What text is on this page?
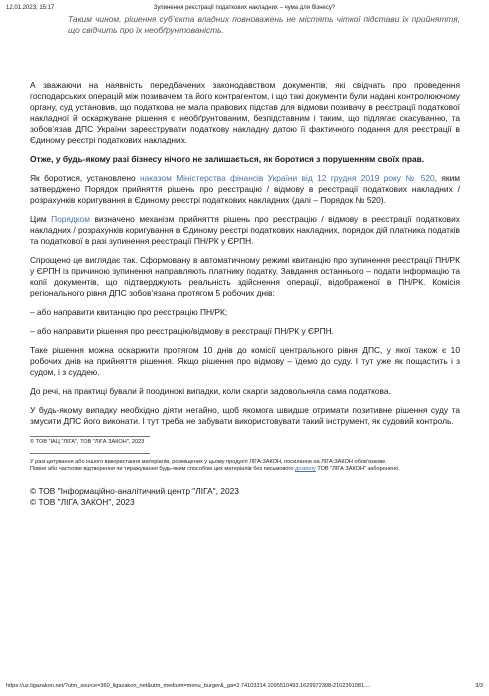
12.01.2023, 15:17	Зупинення реєстрації податкових накладних – чума для бізнесу?
Таким чином, рішення суб’єкта владних повноважень не містять чіткої підстави їх прийняття, що свідчить про їх необґрунтованість.

А зважаючи на наявність передбачених законодавством документів, які свідчать про проведення господарських операцій між позивачем та його контрагентом, і що такі документи були надані контролюючому органу, суд установив, що податкова не мала правових підстав для відмови позивачу в реєстрації податкової накладної й оскаржуване рішення є необґрунтованим, безпідставним і таким, що підлягає скасуванню, та зобов’язав ДПС України зареєструвати податкову накладну датою її фактичного подання для реєстрації в Єдиному реєстрі податкових накладних.

Отже, у будь-якому разі бізнесу нічого не залишається, як боротися з порушенням своїх прав.

Як боротися, установлено наказом Міністерства фінансів України від 12 грудня 2019 року № 520, яким затверджено Порядок прийняття рішень про реєстрацію / відмову в реєстрації податкових накладних / розрахунків коригування в Єдиному реєстрі податкових накладних (далі – Порядок № 520).

Цим Порядком визначено механізм прийняття рішень про реєстрацію / відмову в реєстрації податкових накладних / розрахунків коригування в Єдиному реєстрі податкових накладних, порядок дій платника податків та податкової в разі зупинення реєстрації ПН/РК у ЄРПН.

Спрощено це виглядає так. Сформовану в автоматичному режимі квитанцію про зупинення реєстрації ПН/РК у ЄРПН із причиною зупинення направляють платнику податку. Завдання останнього – подати інформацію та копії документів, що підтверджують реальність здійснення операції, відображеної в ПН/РК. Комісія регіонального рівня ДПС зобов’язана протягом 5 робочих днів:

– або направити квитанцію про реєстрацію ПН/РК;

– або направити рішення про реєстрацію/відмову в реєстрації ПН/РК у ЄРПН.

Таке рішення можна оскаржити протягом 10 днів до комісії центрального рівня ДПС, у якої також є 10 робочих днів на прийняття рішення. Якщо рішення про відмову – їдемо до суду. І тут уже як пощастить і з судом, і з суддею.

До речі, на практиці бували й поодинокі випадки, коли скарги задовольняла сама податкова.

У будь-якому випадку необхідно діяти негайно, щоб якомога швидше отримати позитивне рішення суду та змусити ДПС його виконати. І тут треба не забувати використовувати такий інструмент, як судовий контроль.

© ТОВ "ІАЦ "ЛІГА", ТОВ "ЛІГА ЗАКОН", 2023
У разі цитування або іншого використання матеріалів, розміщених у цьому продукті ЛІГА:ЗАКОН, посилання на ЛІГА:ЗАКОН обов'язкове.
Повне або часткове відтворення чи тиражування будь-яким способом цих матеріалів без письмового дозволу ТОВ "ЛІГА ЗАКОН" заборонено.
© ТОВ "Інформаційно-аналітичний центр "ЛІГА", 2023
© ТОВ "ЛІГА ЗАКОН", 2023
https://uz.ligazakon.net/?utm_source=360_ligazakon_net&utm_medium=menu_burger&_ga=2.74103314.1095510493.1629972308-2102391081....	3/3
